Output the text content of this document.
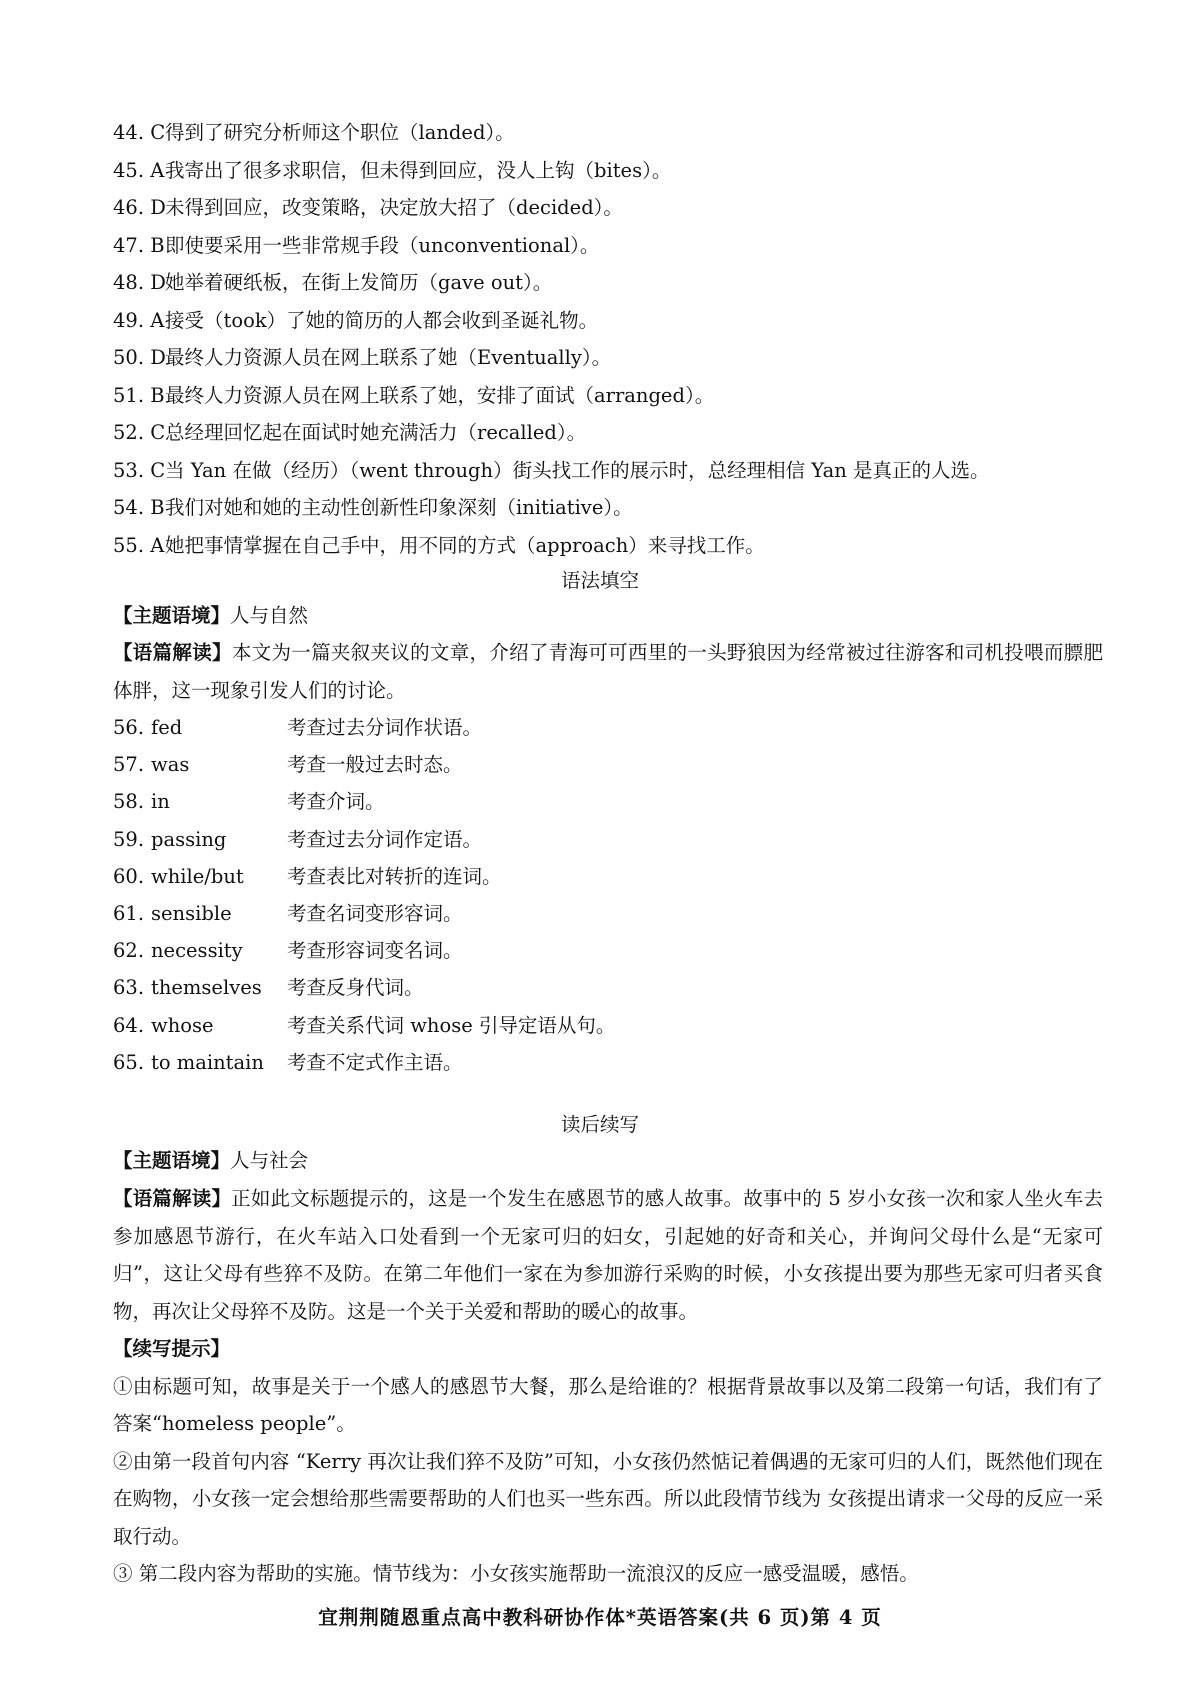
44. C得到了研究分析师这个职位（landed）。
45. A我寄出了很多求职信，但未得到回应，没人上钩（bites）。
46. D未得到回应，改变策略，决定放大招了（decided）。
47. B即使要采用一些非常规手段（unconventional）。
48. D她举着硬纸板，在街上发简历（gave out）。
49. A接受（took）了她的简历的人都会收到圣诞礼物。
50. D最终人力资源人员在网上联系了她（Eventually）。
51. B最终人力资源人员在网上联系了她，安排了面试（arranged）。
52. C总经理回忆起在面试时她充满活力（recalled）。
53. C当 Yan 在做（经历）（went through）街头找工作的展示时，总经理相信 Yan 是真正的人选。
54. B我们对她和她的主动性创新性印象深刻（initiative）。
55. A她把事情掌握在自己手中，用不同的方式（approach）来寻找工作。
语法填空
【主题语境】人与自然

【语篇解读】本文为一篇夹叙夹议的文章，介绍了青海可可西里的一头野狼因为经常被过往游客和司机投喂而膘肥体胖，这一现象引发人们的讨论。

56. fed	考查过去分词作状语。
57. was	考查一般过去时态。
58. in	考查介词。
59. passing	考查过去分词作定语。
60. while/but 考查表比对转折的连词。
61. sensible	考查名词变形容词。
62. necessity 考查形容词变名词。
63. themselves 考查反身代词。
64. whose	考查关系代词 whose 引导定语从句。
65. to maintain 考查不定式作主语。
读后续写
【主题语境】人与社会

【语篇解读】正如此文标题提示的，这是一个发生在感恩节的感人故事。故事中的 5 岁小女孩一次和家人坐火车去参加感恩节游行，在火车站入口处看到一个无家可归的妇女，引起她的好奇和关心，并询问父母什么是“无家可归”，这让父母有些猝不及防。在第二年他们一家在为参加游行采购的时候，小女孩提出要为那些无家可归者买食物，再次让父母猝不及防。这是一个关于关爱和帮助的暖心的故事。

【续写提示】

①由标题可知，故事是关于一个感人的感恩节大餐，那么是给谁的？根据背景故事以及第二段第一句话，我们有了答案“homeless people”。

②由第一段首句内容 “Kerry 再次让我们猝不及防”可知，小女孩仍然惦记着偶遇的无家可归的人们，既然他们现在在购物，小女孩一定会想给那些需要帮助的人们也买一些东西。所以此段情节线为 女孩提出请求一父母的反应一采取行动。

③ 第二段内容为帮助的实施。情节线为：小女孩实施帮助一流浪汉的反应一感受温暖，感悟。

宜荆荆随恩重点高中教科研协作体*英语答案(共 6 页)第 4 页
